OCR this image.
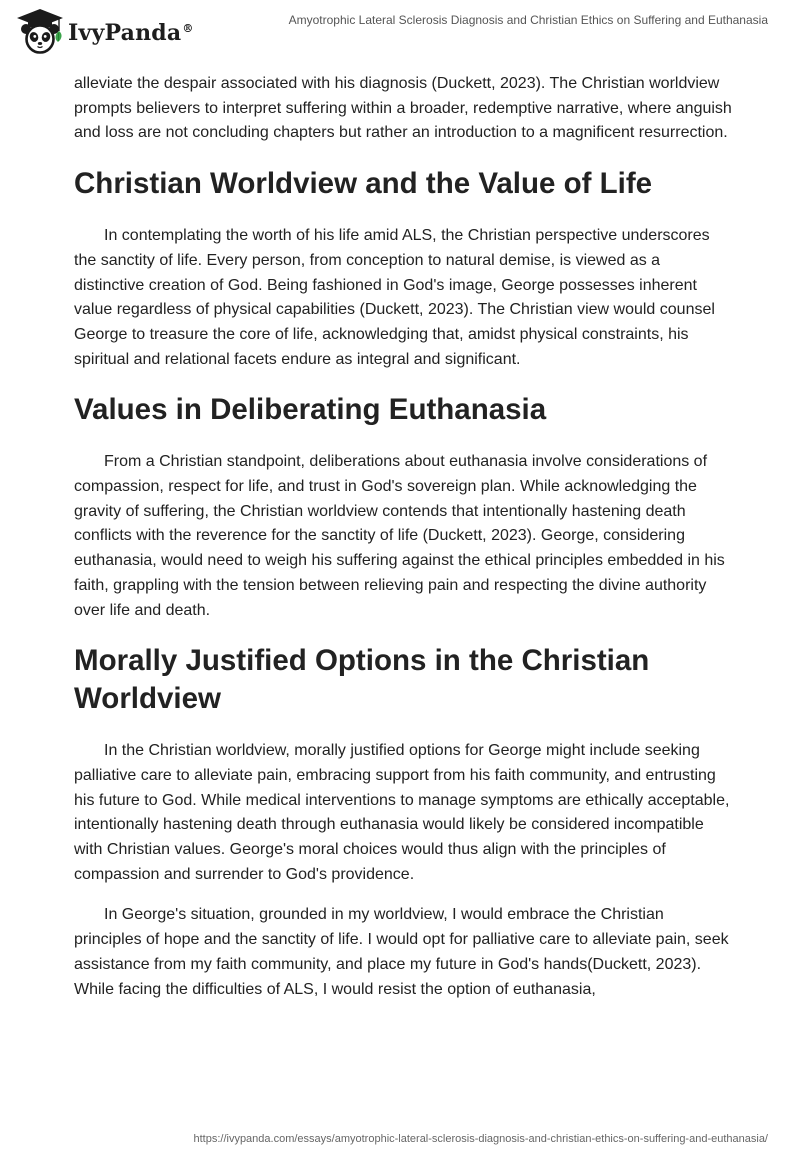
IvyPanda®
Amyotrophic Lateral Sclerosis Diagnosis and Christian Ethics on Suffering and Euthanasia

alleviate the despair associated with his diagnosis (Duckett, 2023). The Christian worldview prompts believers to interpret suffering within a broader, redemptive narrative, where anguish and loss are not concluding chapters but rather an introduction to a magnificent resurrection.

Christian Worldview and the Value of Life

In contemplating the worth of his life amid ALS, the Christian perspective underscores the sanctity of life. Every person, from conception to natural demise, is viewed as a distinctive creation of God. Being fashioned in God's image, George possesses inherent value regardless of physical capabilities (Duckett, 2023). The Christian view would counsel George to treasure the core of life, acknowledging that, amidst physical constraints, his spiritual and relational facets endure as integral and significant.

Values in Deliberating Euthanasia

From a Christian standpoint, deliberations about euthanasia involve considerations of compassion, respect for life, and trust in God's sovereign plan. While acknowledging the gravity of suffering, the Christian worldview contends that intentionally hastening death conflicts with the reverence for the sanctity of life (Duckett, 2023). George, considering euthanasia, would need to weigh his suffering against the ethical principles embedded in his faith, grappling with the tension between relieving pain and respecting the divine authority over life and death.

Morally Justified Options in the Christian Worldview

In the Christian worldview, morally justified options for George might include seeking palliative care to alleviate pain, embracing support from his faith community, and entrusting his future to God. While medical interventions to manage symptoms are ethically acceptable, intentionally hastening death through euthanasia would likely be considered incompatible with Christian values. George's moral choices would thus align with the principles of compassion and surrender to God's providence.

In George's situation, grounded in my worldview, I would embrace the Christian principles of hope and the sanctity of life. I would opt for palliative care to alleviate pain, seek assistance from my faith community, and place my future in God's hands(Duckett, 2023). While facing the difficulties of ALS, I would resist the option of euthanasia,

https://ivypanda.com/essays/amyotrophic-lateral-sclerosis-diagnosis-and-christian-ethics-on-suffering-and-euthanasia/
